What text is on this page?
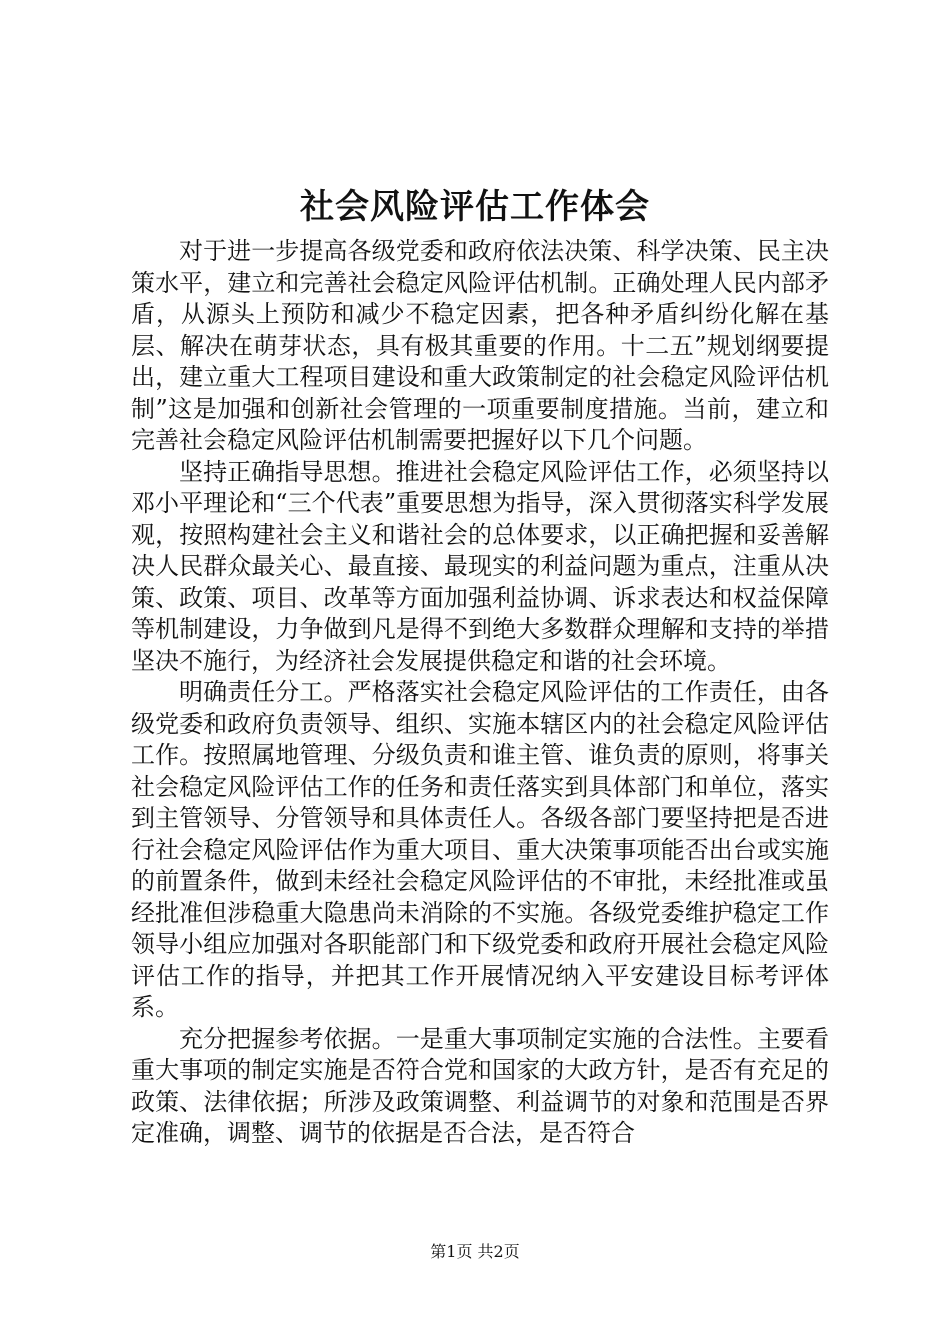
社会风险评估工作体会

对于进一步提高各级党委和政府依法决策、科学决策、民主决策水平，建立和完善社会稳定风险评估机制。正确处理人民内部矛盾，从源头上预防和减少不稳定因素，把各种矛盾纠纷化解在基层、解决在萌芽状态，具有极其重要的作用。十二五”规划纲要提出，建立重大工程项目建设和重大政策制定的社会稳定风险评估机制”这是加强和创新社会管理的一项重要制度措施。当前，建立和完善社会稳定风险评估机制需要把握好以下几个问题。

坚持正确指导思想。推进社会稳定风险评估工作，必须坚持以邓小平理论和“三个代表”重要思想为指导，深入贯彻落实科学发展观，按照构建社会主义和谐社会的总体要求，以正确把握和妥善解决人民群众最关心、最直接、最现实的利益问题为重点，注重从决策、政策、项目、改革等方面加强利益协调、诉求表达和权益保障等机制建设，力争做到凡是得不到绝大多数群众理解和支持的举措坚决不施行，为经济社会发展提供稳定和谐的社会环境。

明确责任分工。严格落实社会稳定风险评估的工作责任，由各级党委和政府负责领导、组织、实施本辖区内的社会稳定风险评估工作。按照属地管理、分级负责和谁主管、谁负责的原则，将事关社会稳定风险评估工作的任务和责任落实到具体部门和单位，落实到主管领导、分管领导和具体责任人。各级各部门要坚持把是否进行社会稳定风险评估作为重大项目、重大决策事项能否出台或实施的前置条件，做到未经社会稳定风险评估的不审批，未经批准或虽经批准但涉稳重大隐患尚未消除的不实施。各级党委维护稳定工作领导小组应加强对各职能部门和下级党委和政府开展社会稳定风险评估工作的指导，并把其工作开展情况纳入平安建设目标考评体系。

充分把握参考依据。一是重大事项制定实施的合法性。主要看重大事项的制定实施是否符合党和国家的大政方针，是否有充足的政策、法律依据；所涉及政策调整、利益调节的对象和范围是否界定准确，调整、调节的依据是否合法，是否符合

第1页 共2页
